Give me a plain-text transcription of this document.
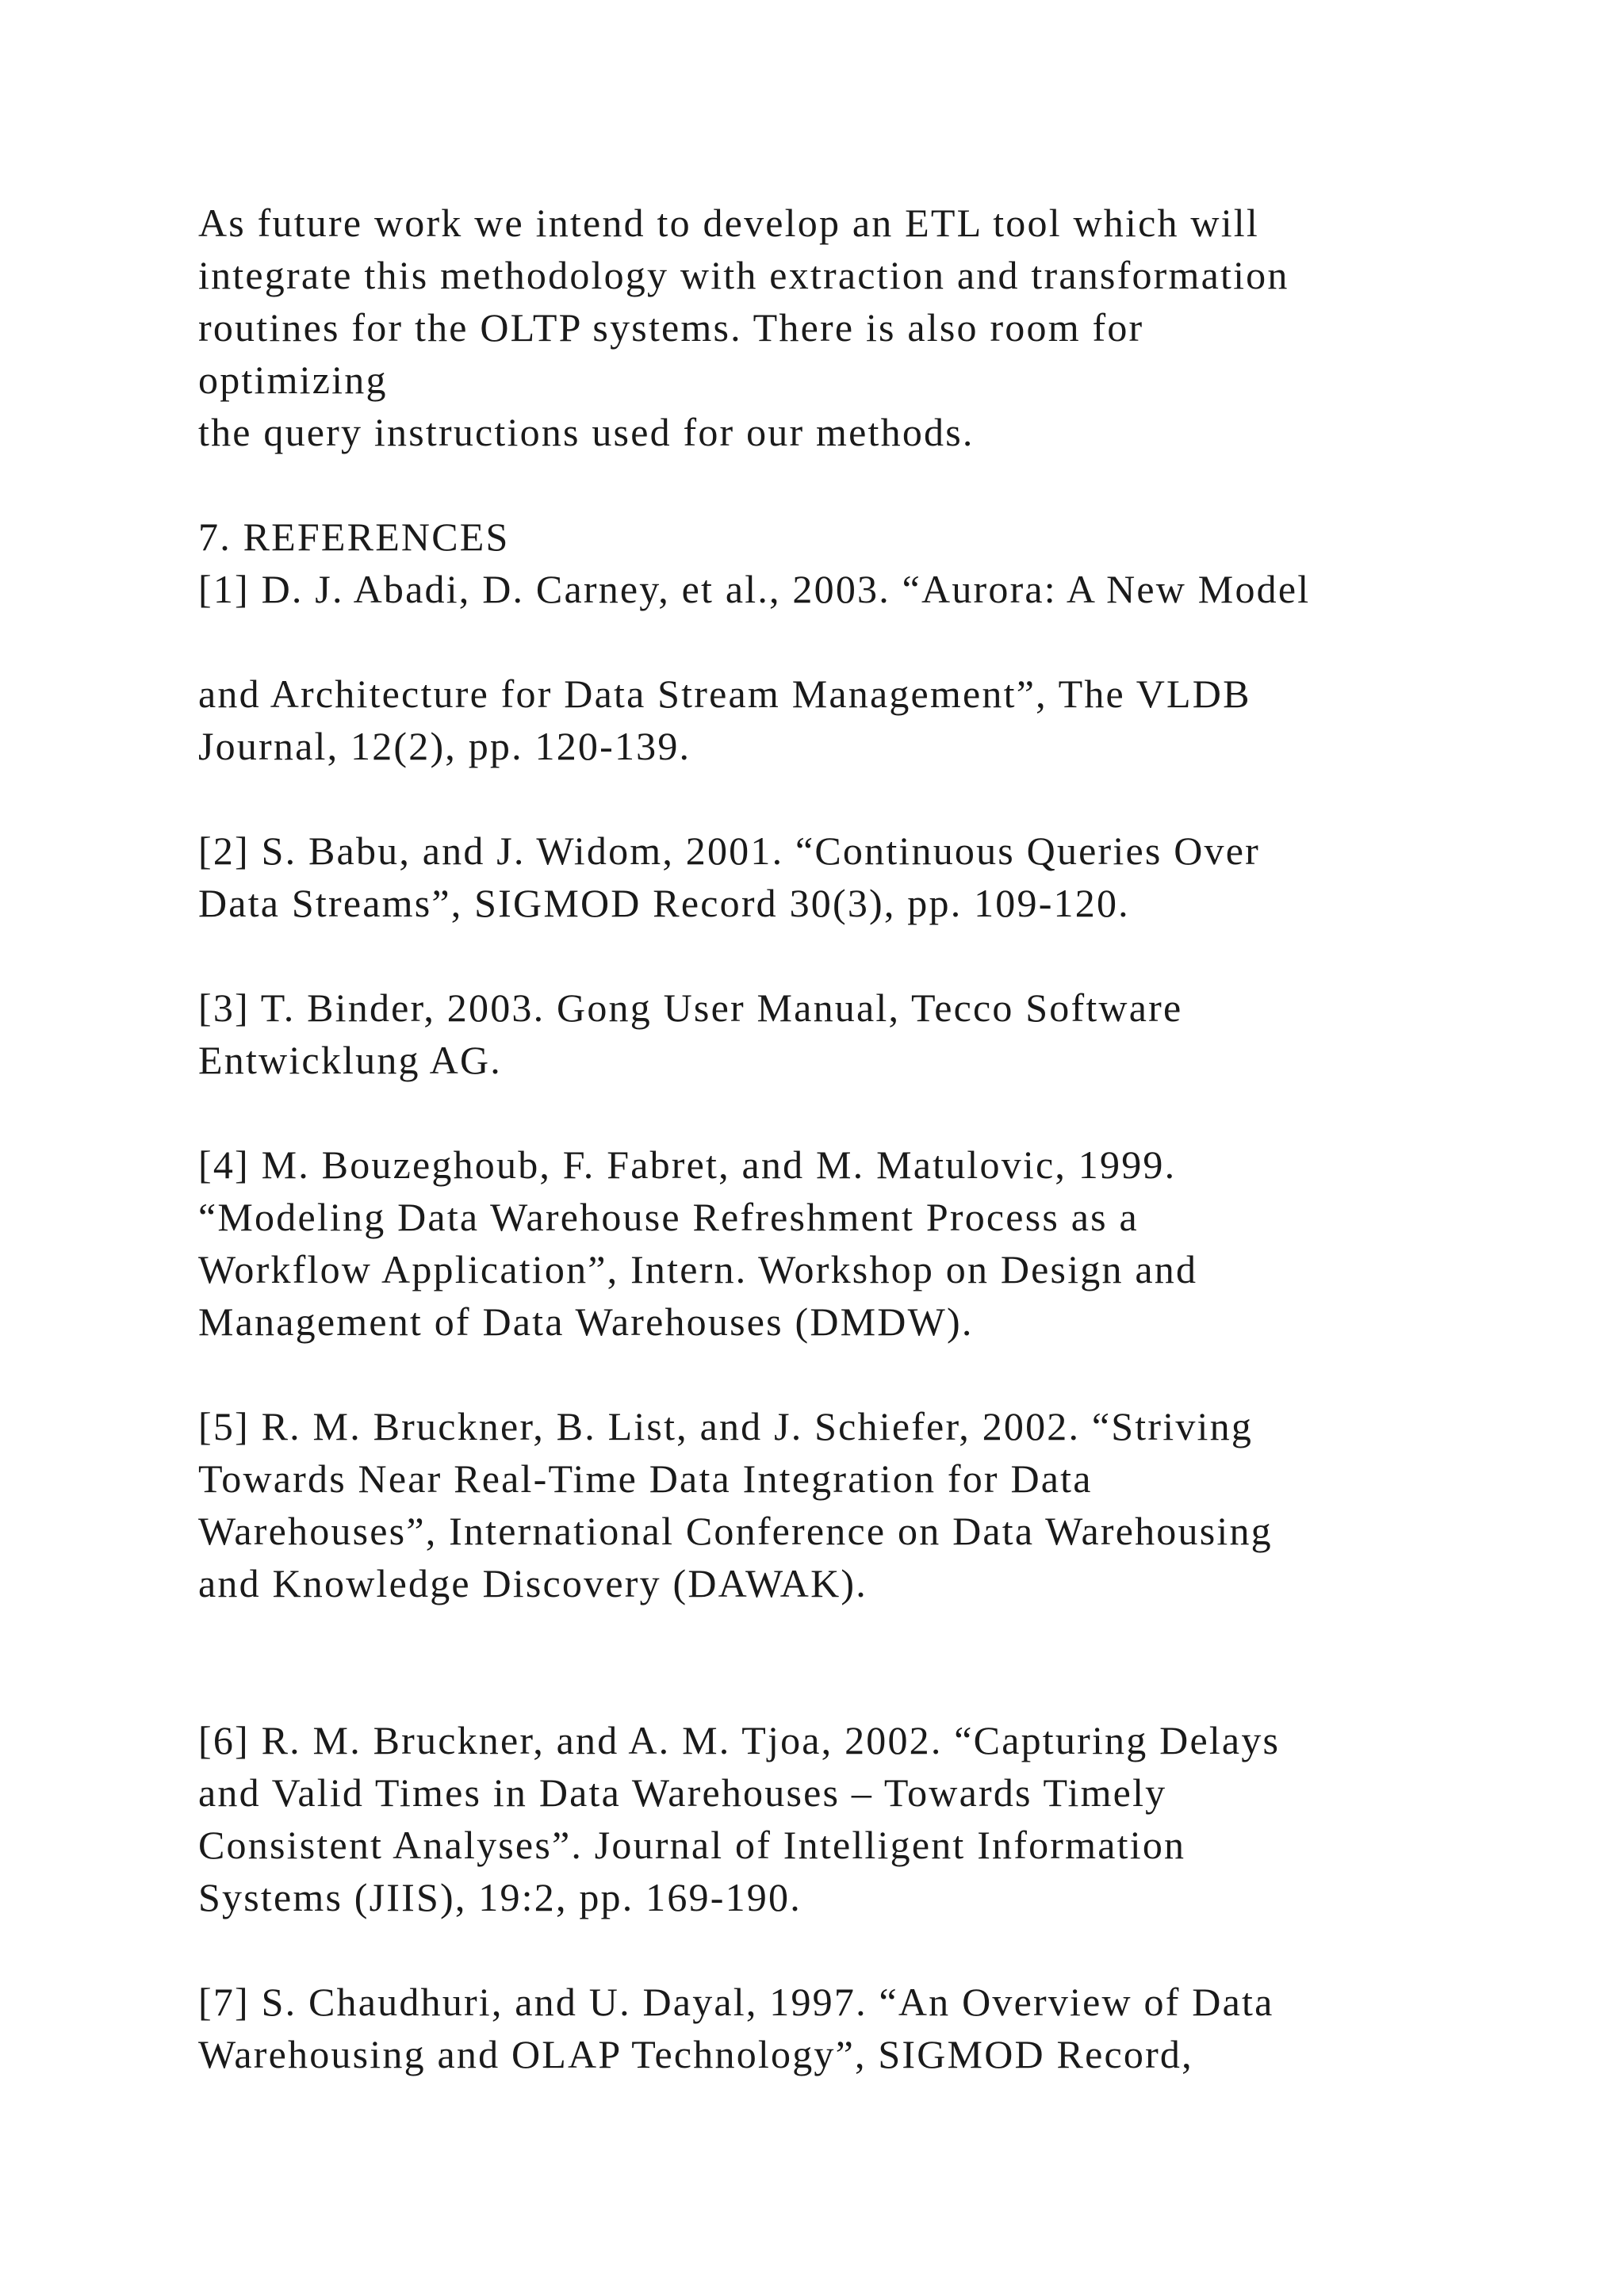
As future work we intend to develop an ETL tool which will
integrate this methodology with extraction and transformation
routines for the OLTP systems. There is also room for
optimizing
the query instructions used for our methods.
7. REFERENCES
[1] D. J. Abadi, D. Carney, et al., 2003. “Aurora: A New Model
and Architecture for Data Stream Management”, The VLDB
Journal, 12(2), pp. 120-139.
[2] S. Babu, and J. Widom, 2001. “Continuous Queries Over
Data Streams”, SIGMOD Record 30(3), pp. 109-120.
[3] T. Binder, 2003. Gong User Manual, Tecco Software
Entwicklung AG.
[4] M. Bouzeghoub, F. Fabret, and M. Matulovic, 1999.
“Modeling Data Warehouse Refreshment Process as a
Workflow Application”, Intern. Workshop on Design and
Management of Data Warehouses (DMDW).
[5] R. M. Bruckner, B. List, and J. Schiefer, 2002. “Striving
Towards Near Real-Time Data Integration for Data
Warehouses”, International Conference on Data Warehousing
and Knowledge Discovery (DAWAK).
[6] R. M. Bruckner, and A. M. Tjoa, 2002. “Capturing Delays
and Valid Times in Data Warehouses – Towards Timely
Consistent Analyses”. Journal of Intelligent Information
Systems (JIIS), 19:2, pp. 169-190.
[7] S. Chaudhuri, and U. Dayal, 1997. “An Overview of Data
Warehousing and OLAP Technology”, SIGMOD Record,
